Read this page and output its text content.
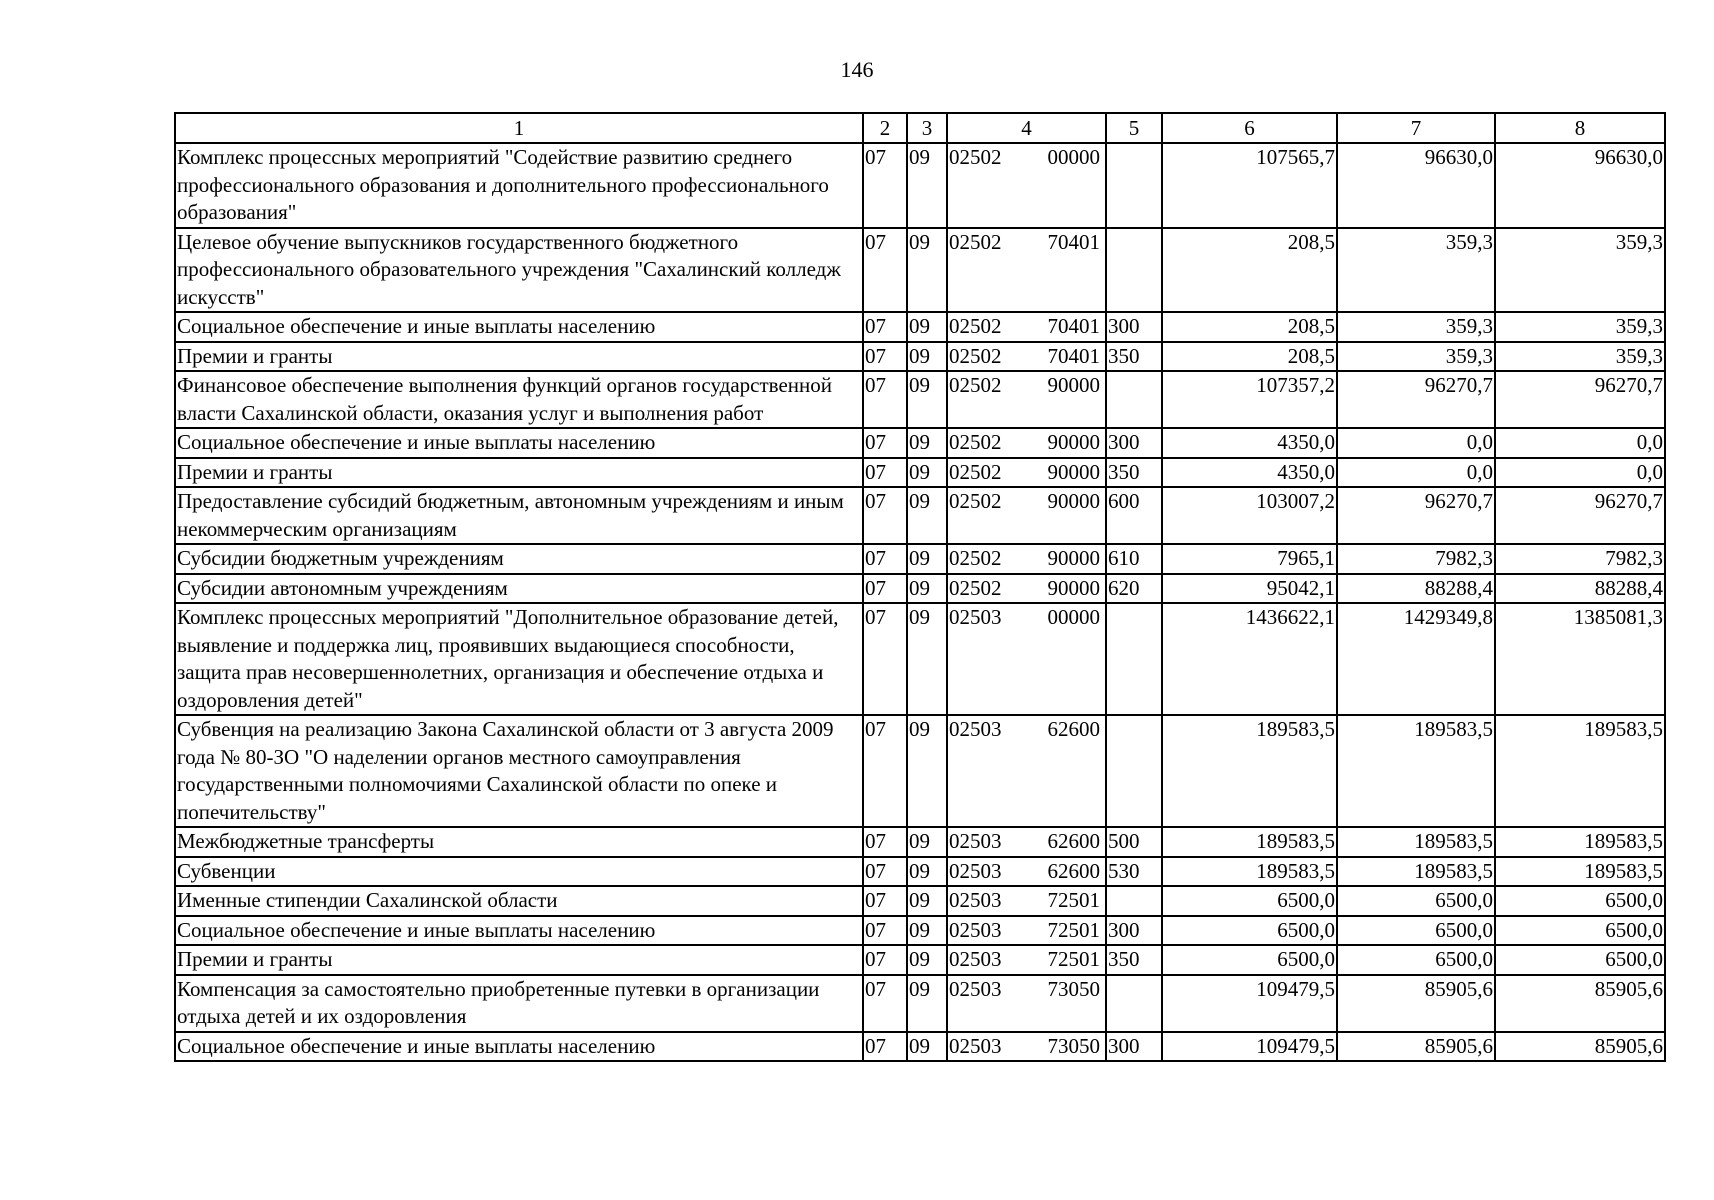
146
1	2	3	4	5	6	7	8
Комплекс процессных мероприятий "Содействие развитию среднего профессионального образования и дополнительного профессионального образования"	07	09	02502 00000		107565,7	96630,0	96630,0
Целевое обучение выпускников государственного бюджетного профессионального образовательного учреждения "Сахалинский колледж искусств"	07	09	02502 70401		208,5	359,3	359,3
Социальное обеспечение и иные выплаты населению	07	09	02502 70401	300	208,5	359,3	359,3
Премии и гранты	07	09	02502 70401	350	208,5	359,3	359,3
Финансовое обеспечение выполнения функций органов государственной власти Сахалинской области, оказания услуг и выполнения работ	07	09	02502 90000		107357,2	96270,7	96270,7
Социальное обеспечение и иные выплаты населению	07	09	02502 90000	300	4350,0	0,0	0,0
Премии и гранты	07	09	02502 90000	350	4350,0	0,0	0,0
Предоставление субсидий бюджетным, автономным учреждениям и иным некоммерческим организациям	07	09	02502 90000	600	103007,2	96270,7	96270,7
Субсидии бюджетным учреждениям	07	09	02502 90000	610	7965,1	7982,3	7982,3
Субсидии автономным учреждениям	07	09	02502 90000	620	95042,1	88288,4	88288,4
Комплекс процессных мероприятий "Дополнительное образование детей, выявление и поддержка лиц, проявивших выдающиеся способности, защита прав несовершеннолетних, организация и обеспечение отдыха и оздоровления детей"	07	09	02503 00000		1436622,1	1429349,8	1385081,3
Субвенция на реализацию Закона Сахалинской области от 3 августа 2009 года № 80-ЗО "О наделении органов местного самоуправления государственными полномочиями Сахалинской области по опеке и попечительству"	07	09	02503 62600		189583,5	189583,5	189583,5
Межбюджетные трансферты	07	09	02503 62600	500	189583,5	189583,5	189583,5
Субвенции	07	09	02503 62600	530	189583,5	189583,5	189583,5
Именные стипендии Сахалинской области	07	09	02503 72501		6500,0	6500,0	6500,0
Социальное обеспечение и иные выплаты населению	07	09	02503 72501	300	6500,0	6500,0	6500,0
Премии и гранты	07	09	02503 72501	350	6500,0	6500,0	6500,0
Компенсация за самостоятельно приобретенные путевки в организации отдыха детей и их оздоровления	07	09	02503 73050		109479,5	85905,6	85905,6
Социальное обеспечение и иные выплаты населению	07	09	02503 73050	300	109479,5	85905,6	85905,6
